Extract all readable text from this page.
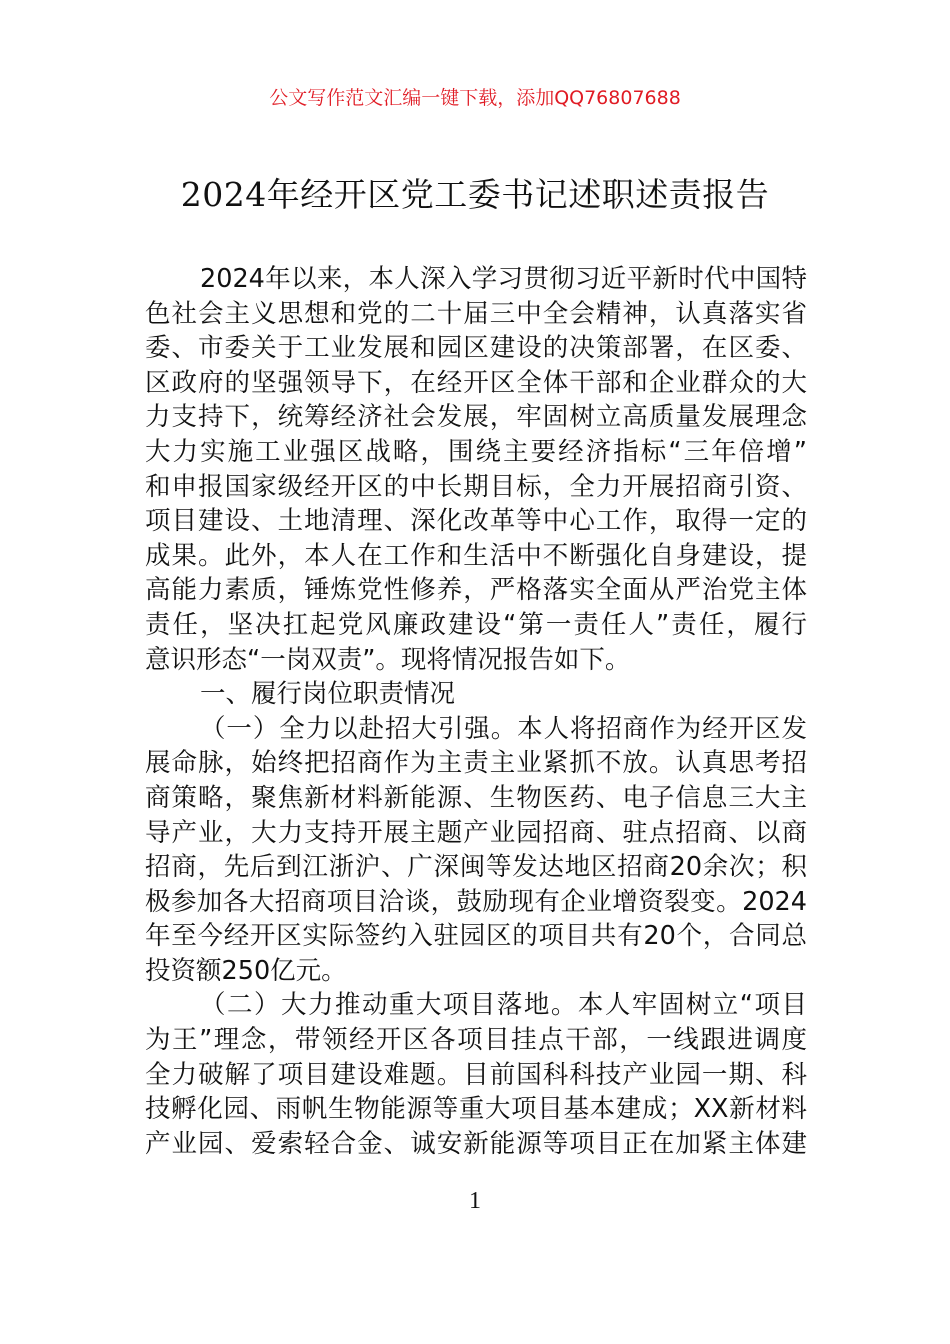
公文写作范文汇编一键下载，添加QQ76807688
2024年经开区党工委书记述职述责报告
2024年以来，本人深入学习贯彻习近平新时代中国特
色社会主义思想和党的二十届三中全会精神，认真落实省
委、市委关于工业发展和园区建设的决策部署，在区委、
区政府的坚强领导下，在经开区全体干部和企业群众的大
力支持下，统筹经济社会发展，牢固树立高质量发展理念
大力实施工业强区战略，围绕主要经济指标“三年倍增”
和申报国家级经开区的中长期目标，全力开展招商引资、
项目建设、土地清理、深化改革等中心工作，取得一定的
成果。此外，本人在工作和生活中不断强化自身建设，提
高能力素质，锤炼党性修养，严格落实全面从严治党主体
责任，坚决扛起党风廉政建设“第一责任人”责任，履行
意识形态“一岗双责”。现将情况报告如下。
一、履行岗位职责情况
（一）全力以赴招大引强。本人将招商作为经开区发
展命脉，始终把招商作为主责主业紧抓不放。认真思考招
商策略，聚焦新材料新能源、生物医药、电子信息三大主
导产业，大力支持开展主题产业园招商、驻点招商、以商
招商，先后到江浙沪、广深闽等发达地区招商20余次；积
极参加各大招商项目洽谈，鼓励现有企业增资裂变。2024
年至今经开区实际签约入驻园区的项目共有20个，合同总
投资额250亿元。
（二）大力推动重大项目落地。本人牢固树立“项目
为王”理念，带领经开区各项目挂点干部，一线跟进调度
全力破解了项目建设难题。目前国科科技产业园一期、科
技孵化园、雨帆生物能源等重大项目基本建成；XX新材料
产业园、爱索轻合金、诚安新能源等项目正在加紧主体建
1
